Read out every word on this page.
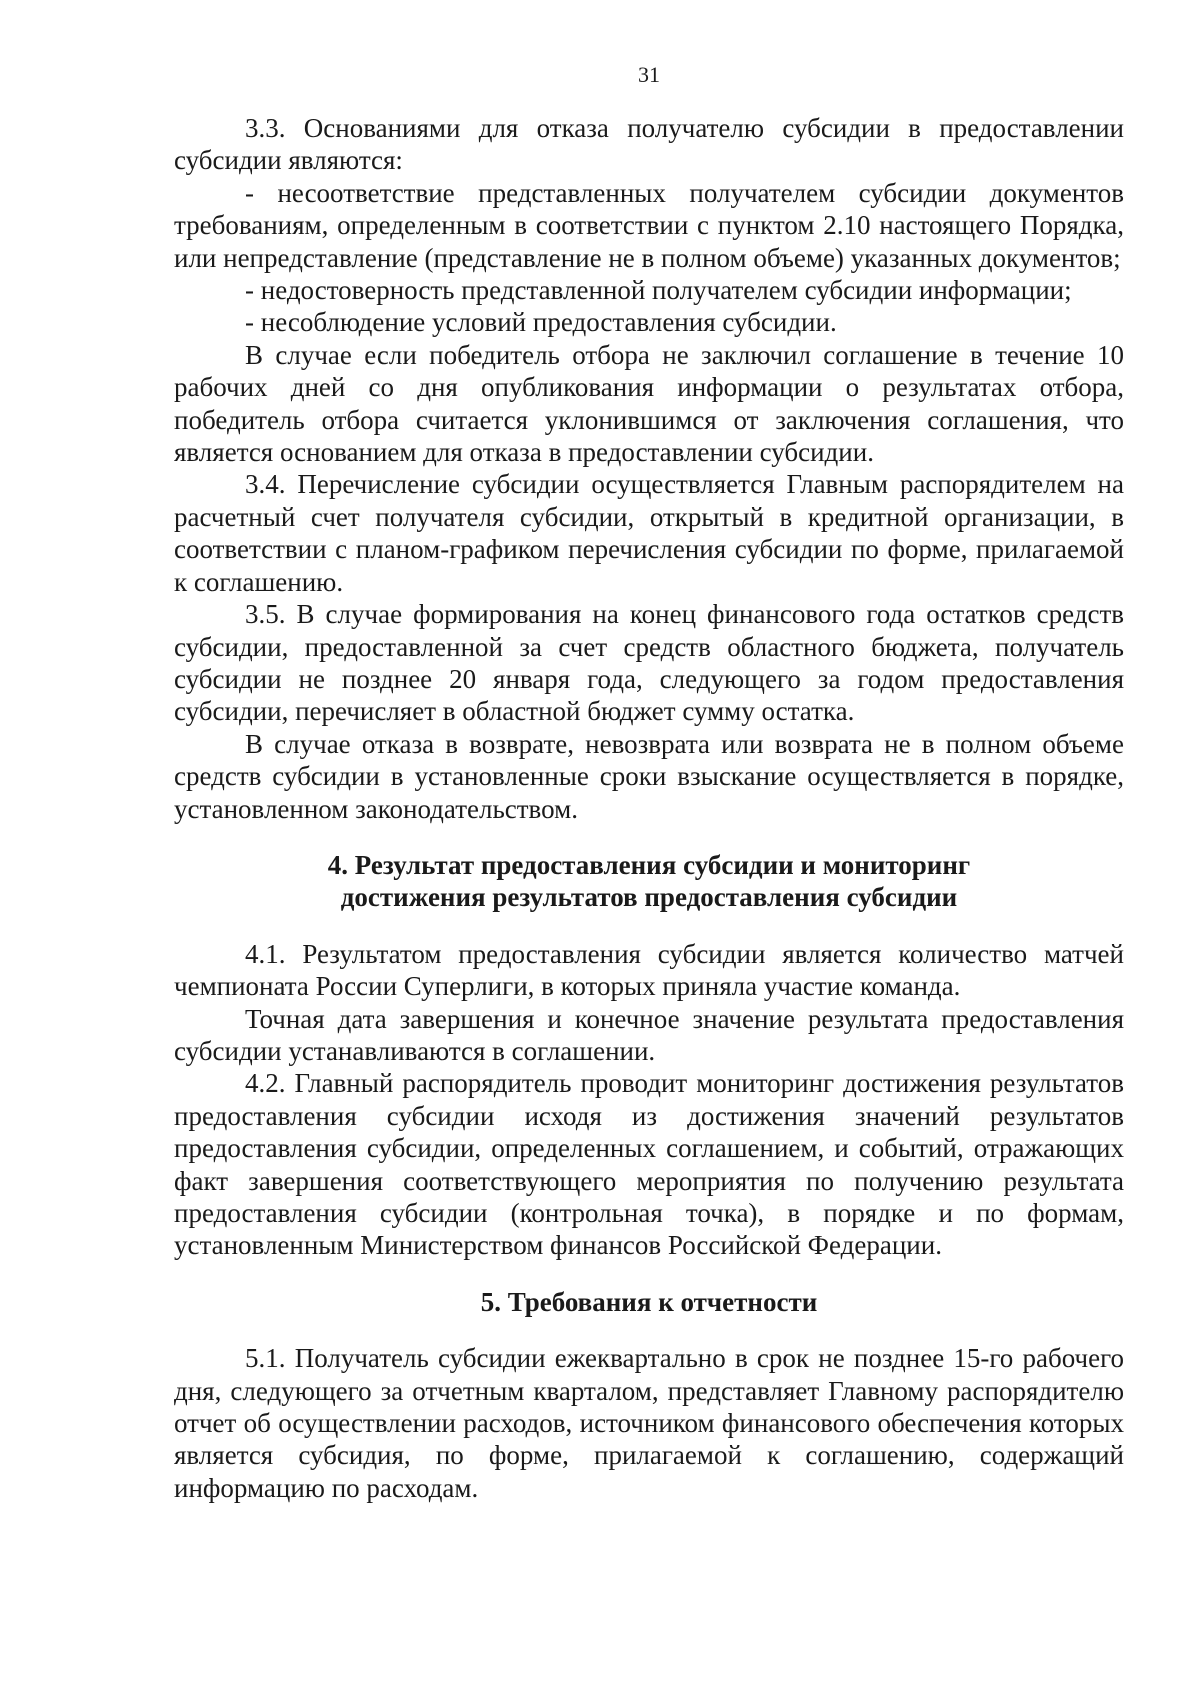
31

3.3. Основаниями для отказа получателю субсидии в предоставлении субсидии являются:

- несоответствие представленных получателем субсидии документов требованиям, определенным в соответствии с пунктом 2.10 настоящего Порядка, или непредставление (представление не в полном объеме) указанных документов;

- недостоверность представленной получателем субсидии информации;

- несоблюдение условий предоставления субсидии.

В случае если победитель отбора не заключил соглашение в течение 10 рабочих дней со дня опубликования информации о результатах отбора, победитель отбора считается уклонившимся от заключения соглашения, что является основанием для отказа в предоставлении субсидии.

3.4. Перечисление субсидии осуществляется Главным распорядителем на расчетный счет получателя субсидии, открытый в кредитной организации, в соответствии с планом-графиком перечисления субсидии по форме, прилагаемой к соглашению.

3.5. В случае формирования на конец финансового года остатков средств субсидии, предоставленной за счет средств областного бюджета, получатель субсидии не позднее 20 января года, следующего за годом предоставления субсидии, перечисляет в областной бюджет сумму остатка.

В случае отказа в возврате, невозврата или возврата не в полном объеме средств субсидии в установленные сроки взыскание осуществляется в порядке, установленном законодательством.

4. Результат предоставления субсидии и мониторинг

достижения результатов предоставления субсидии

4.1. Результатом предоставления субсидии является количество матчей чемпионата России Суперлиги, в которых приняла участие команда.

Точная дата завершения и конечное значение результата предоставления субсидии устанавливаются в соглашении.

4.2. Главный распорядитель проводит мониторинг достижения результатов предоставления субсидии исходя из достижения значений результатов предоставления субсидии, определенных соглашением, и событий, отражающих факт завершения соответствующего мероприятия по получению результата предоставления субсидии (контрольная точка), в порядке и по формам, установленным Министерством финансов Российской Федерации.

5. Требования к отчетности

5.1. Получатель субсидии ежеквартально в срок не позднее 15-го рабочего дня, следующего за отчетным кварталом, представляет Главному распорядителю отчет об осуществлении расходов, источником финансового обеспечения которых является субсидия, по форме, прилагаемой к соглашению, содержащий информацию по расходам.
